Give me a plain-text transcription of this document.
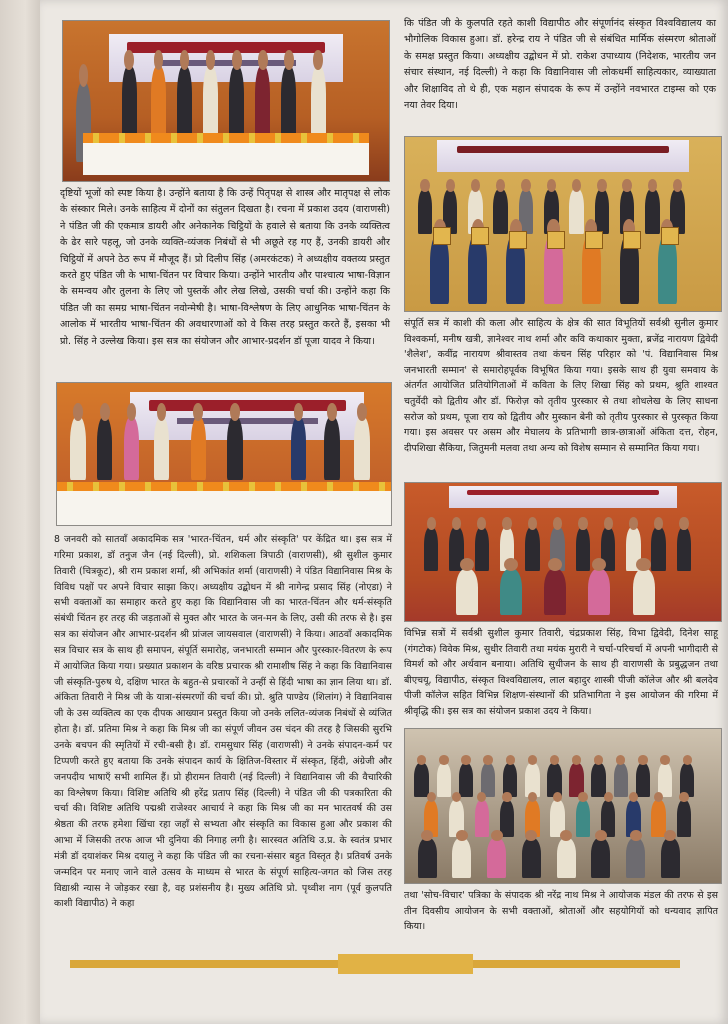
दृष्टियों भूजों को स्पष्ट किया है। उन्होंने बताया है कि उन्हें पितृपक्ष से शास्त्र और मातृपक्ष से लोक के संस्कार मिले। उनके साहित्य में दोनों का संतुलन दिखता है। रचना में प्रकाश उदय (वाराणसी) ने पंडित जी की एकमात्र डायरी और अनेकानेक चिट्ठियों के हवाले से बताया कि उनके व्यक्तित्व के ढेर सारे पहलू, जो उनके व्यक्ति-व्यंजक निबंधों से भी अछूते रह गए हैं, उनकी डायरी और चिट्ठियों में अपने ठेठ रूप में मौजूद हैं। प्रो दिलीप सिंह (अमरकंटक) ने अध्यक्षीय वक्तव्य प्रस्तुत करते हुए पंडित जी के भाषा-चिंतन पर विचार किया। उन्होंने भारतीय और पाश्चात्य भाषा-विज्ञान के समन्वय और तुलना के लिए जो पुस्तकें और लेख लिखे, उसकी चर्चा की। उन्होंने कहा कि पंडित जी का समग्र भाषा-चिंतन नवोन्मेषी है। भाषा-विश्लेषण के लिए आधुनिक भाषा-चिंतन के आलोक में भारतीय भाषा-चिंतन की अवधारणाओं को वे किस तरह प्रस्तुत करते हैं, इसका भी प्रो. सिंह ने उल्लेख किया। इस सत्र का संयोजन और आभार-प्रदर्शन डॉ पूजा यादव ने किया।

8 जनवरी को सातवाँ अकादमिक सत्र 'भारत-चिंतन, धर्म और संस्कृति' पर केंद्रित था। इस सत्र में गरिमा प्रकाश, डॉ तनुज जैन (नई दिल्ली), प्रो. शशिकला त्रिपाठी (वाराणसी), श्री सुशील कुमार तिवारी (चित्रकूट), श्री राम प्रकाश शर्मा, श्री अभिकांत शर्मा (वाराणसी) ने पंडित विद्यानिवास मिश्र के विविध पक्षों पर अपने विचार साझा किए। अध्यक्षीय उद्बोधन में श्री नागेन्द्र प्रसाद सिंह (नोएडा) ने सभी वक्ताओं का समाहार करते हुए कहा कि विद्यानिवास जी का भारत-चिंतन और धर्म-संस्कृति संबंधी चिंतन हर तरह की जड़ताओं से मुक्त और भारत के जन-मन के लिए, उसी की तरफ से है। इस सत्र का संयोजन और आभार-प्रदर्शन श्री प्रांजल जायसवाल (वाराणसी) ने किया। आठवाँ अकादमिक सत्र विचार सत्र के साथ ही समापन, संपूर्ति समारोह, जनभारती सम्मान और पुरस्कार-वितरण के रूप में आयोजित किया गया। प्रख्यात प्रकाशन के वरिष्ठ प्रचारक श्री रामाशीष सिंह ने कहा कि विद्यानिवास जी संस्कृति-पुरुष थे, दक्षिण भारत के बहुत-से प्रचारकों ने उन्हीं से हिंदी भाषा का ज्ञान लिया था। डॉ. अंकिता तिवारी ने मिश्र जी के यात्रा-संस्मरणों की चर्चा की। प्रो. श्रुति पाण्डेय (शिलांग) ने विद्यानिवास जी के उस व्यक्तित्व का एक दीपक आख्यान प्रस्तुत किया जो उनके ललित-व्यंजक निबंधों से व्यंजित होता है। डॉ. प्रतिमा मिश्र ने कहा कि मिश्र जी का संपूर्ण जीवन उस चंदन की तरह है जिसकी सुरभि उनके बचपन की स्मृतियों में रची-बसी है। डॉ. रामसुधार सिंह (वाराणसी) ने उनके संपादन-कर्म पर टिप्पणी करते हुए बताया कि उनके संपादन कार्य के क्षितिज-विस्तार में संस्कृत, हिंदी, अंग्रेजी और जनपदीय भाषाएँ सभी शामिल हैं। प्रो हीरामन तिवारी (नई दिल्ली) ने विद्यानिवास जी की वैचारिकी का विश्लेषण किया। विशिष्ट अतिथि श्री हरेंद्र प्रताप सिंह (दिल्ली) ने पंडित जी की पत्रकारिता की चर्चा की। विशिष्ट अतिथि पद्मश्री राजेश्वर आचार्य ने कहा कि मिश्र जी का मन भारतवर्ष की उस श्रेष्ठता की तरफ हमेशा खिंचा रहा जहाँ से सभ्यता और संस्कृति का विकास हुआ और प्रकाश की आभा में जिसकी तरफ आज भी दुनिया की निगाह लगी है। सारस्वत अतिथि उ.प्र. के स्वतंत्र प्रभार मंत्री डॉ दयाशंकर मिश्र दयालु ने कहा कि पंडित जी का रचना-संसार बहुत विस्तृत है। प्रतिवर्ष उनके जन्मदिन पर मनाए जाने वाले उत्सव के माध्यम से भारत के संपूर्ण साहित्य-जगत को जिस तरह विद्याश्री न्यास ने जोड़कर रखा है, वह प्रशंसनीय है। मुख्य अतिथि प्रो. पृथ्वीश नाग (पूर्व कुलपति काशी विद्यापीठ) ने कहा

कि पंडित जी के कुलपति रहते काशी विद्यापीठ और संपूर्णानंद संस्कृत विश्वविद्यालय का भौगोलिक विकास हुआ। डॉ. हरेन्द्र राय ने पंडित जी से संबंधित मार्मिक संस्मरण श्रोताओं के समक्ष प्रस्तुत किया। अध्यक्षीय उद्बोधन में प्रो. राकेश उपाध्याय (निदेशक, भारतीय जन संचार संस्थान, नई दिल्ली) ने कहा कि विद्यानिवास जी लोकधर्मी साहित्यकार, व्याख्याता और शिक्षाविद तो थे ही, एक महान संपादक के रूप में उन्होंने नवभारत टाइम्स को एक नया तेवर दिया।

संपूर्ति सत्र में काशी की कला और साहित्य के क्षेत्र की सात विभूतियों सर्वश्री सुनील कुमार विश्वकर्मा, मनीष खत्री, ज्ञानेश्वर नाथ शर्मा और कवि कथाकार मुक्ता, ब्रजेंद्र नारायण द्विवेदी 'शैलेश', कवींद्र नारायण श्रीवास्तव तथा कंचन सिंह परिहार को 'पं. विद्यानिवास मिश्र जनभारती सम्मान' से समारोहपूर्वक विभूषित किया गया। इसके साथ ही युवा समवाय के अंतर्गत आयोजित प्रतियोगिताओं में कविता के लिए शिखा सिंह को प्रथम, श्रुति शाश्वत चतुर्वेदी को द्वितीय और डॉ. फिरोज़ को तृतीय पुरस्कार से तथा शोधलेख के लिए साधना सरोज को प्रथम, पूजा राय को द्वितीय और मुस्कान बेनी को तृतीय पुरस्कार से पुरस्कृत किया गया। इस अवसर पर असम और मेघालय के प्रतिभागी छात्र-छात्राओं अंकिता दत्त, रोहन, दीपशिखा सैकिया, जितुमनी मलवा तथा अन्य को विशेष सम्मान से सम्मानित किया गया।

विभिन्न सत्रों में सर्वश्री सुशील कुमार तिवारी, चंद्रप्रकाश सिंह, विभा द्विवेदी, दिनेश साहू (गंगटोक) विवेक मिश्र, सुधीर तिवारी तथा मयंक मुरारी ने चर्चा-परिचर्चा में अपनी भागीदारी से विमर्श को और अर्थवान बनाया। अतिथि सुधीजन के साथ ही वाराणसी के प्रबुद्धजन तथा बीएचयू, विद्यापीठ, संस्कृत विश्वविद्यालय, लाल बहादुर शास्त्री पीजी कॉलेज और श्री बलदेव पीजी कॉलेज सहित विभिन्न शिक्षण-संस्थानों की प्रतिभागिता ने इस आयोजन की गरिमा में श्रीवृद्धि की। इस सत्र का संयोजन प्रकाश उदय ने किया।

तथा 'सोच-विचार' पत्रिका के संपादक श्री नरेंद्र नाथ मिश्र ने आयोजक मंडल की तरफ से इस तीन दिवसीय आयोजन के सभी वक्ताओं, श्रोताओं और सहयोगियों को धन्यवाद ज्ञापित किया।
